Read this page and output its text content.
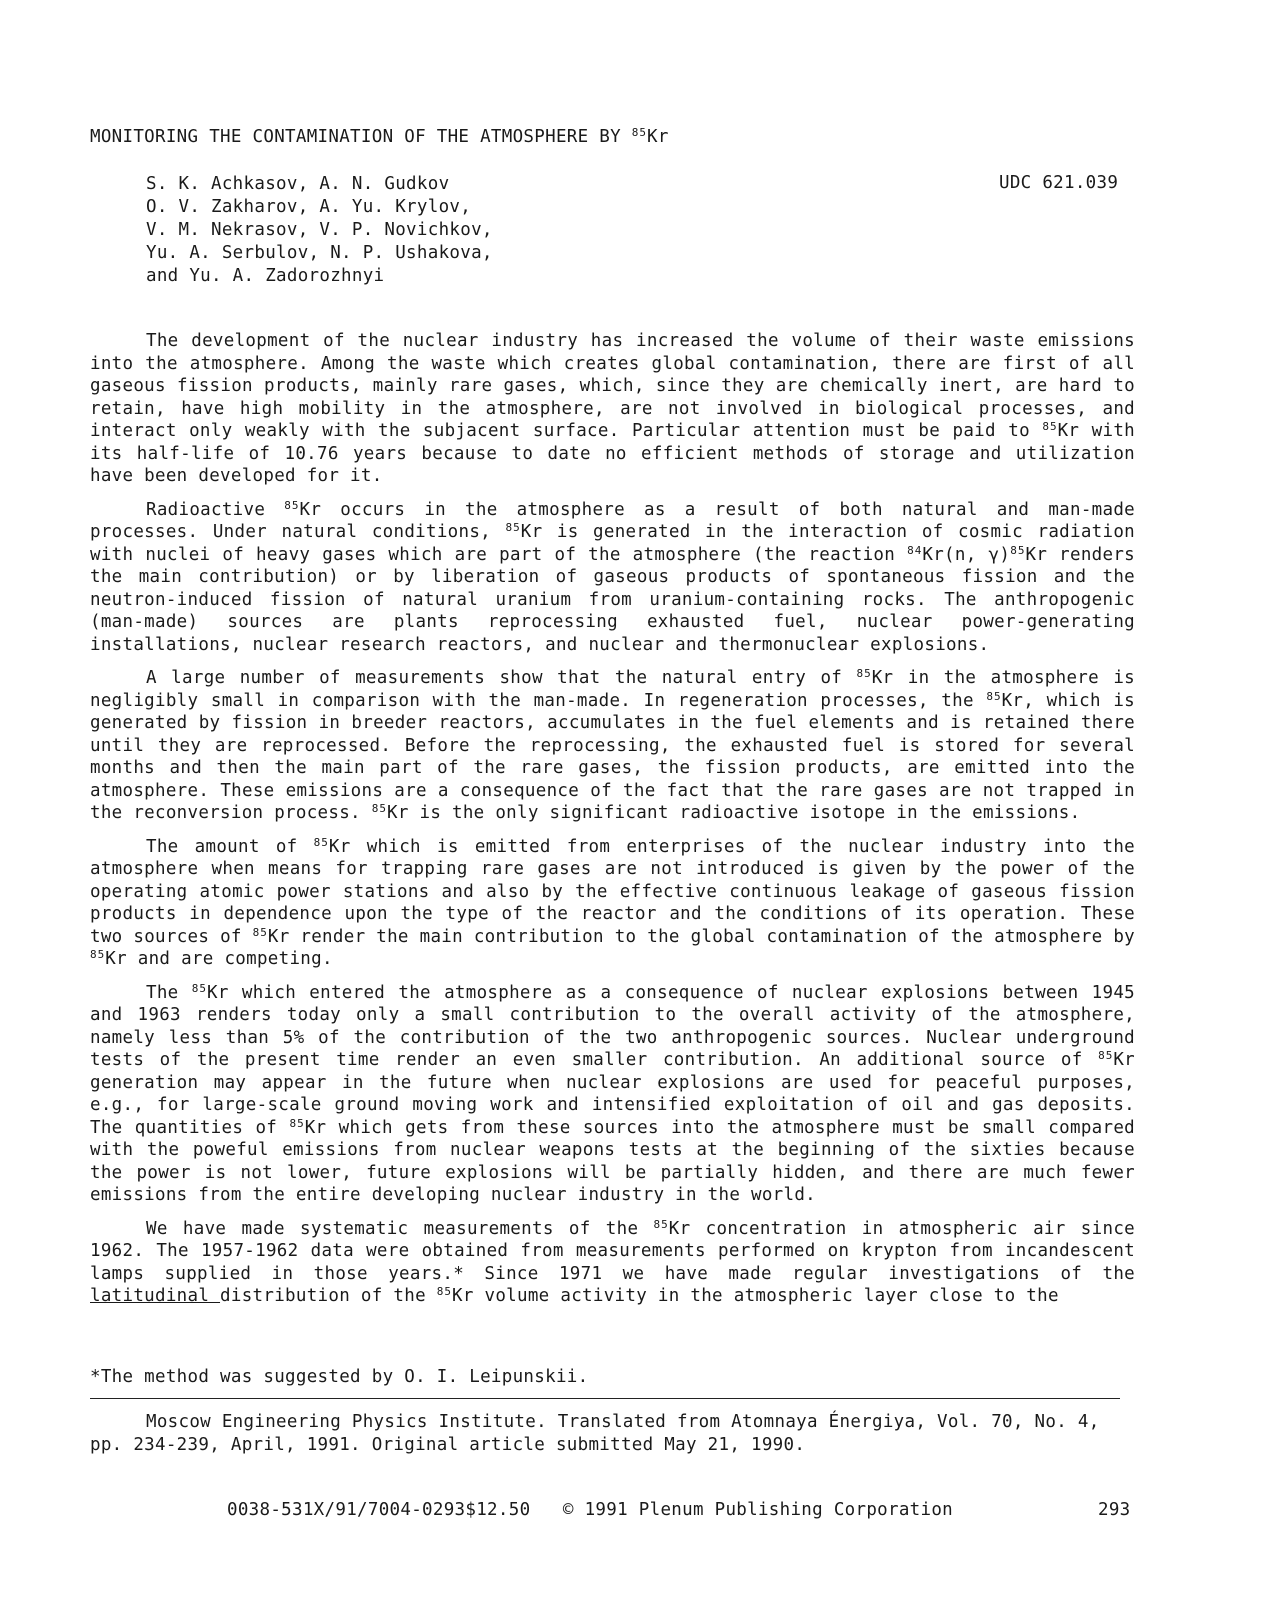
MONITORING THE CONTAMINATION OF THE ATMOSPHERE BY $^{85}$Kr
S. K. Achkasov, A. N. Gudkov
O. V. Zakharov, A. Yu. Krylov,
V. M. Nekrasov, V. P. Novichkov,
Yu. A. Serbulov, N. P. Ushakova,
and Yu. A. Zadorozhnyi
UDC 621.039

The development of the nuclear industry has increased the volume of their waste emissions into the atmosphere. Among the waste which creates global contamination, there are first of all gaseous fission products, mainly rare gases, which, since they are chemically inert, are hard to retain, have high mobility in the atmosphere, are not involved in biological processes, and interact only weakly with the subjacent surface. Particular attention must be paid to $^{85}$Kr with its half-life of 10.76 years because to date no efficient methods of storage and utilization have been developed for it.

Radioactive $^{85}$Kr occurs in the atmosphere as a result of both natural and man-made processes. Under natural conditions, $^{85}$Kr is generated in the interaction of cosmic radiation with nuclei of heavy gases which are part of the atmosphere (the reaction $^{84}$Kr(n, γ)$^{85}$Kr renders the main contribution) or by liberation of gaseous products of spontaneous fission and the neutron-induced fission of natural uranium from uranium-containing rocks. The anthropogenic (man-made) sources are plants reprocessing exhausted fuel, nuclear power-generating installations, nuclear research reactors, and nuclear and thermonuclear explosions.

A large number of measurements show that the natural entry of $^{85}$Kr in the atmosphere is negligibly small in comparison with the man-made. In regeneration processes, the $^{85}$Kr, which is generated by fission in breeder reactors, accumulates in the fuel elements and is retained there until they are reprocessed. Before the reprocessing, the exhausted fuel is stored for several months and then the main part of the rare gases, the fission products, are emitted into the atmosphere. These emissions are a consequence of the fact that the rare gases are not trapped in the reconversion process. $^{85}$Kr is the only significant radioactive isotope in the emissions.

The amount of $^{85}$Kr which is emitted from enterprises of the nuclear industry into the atmosphere when means for trapping rare gases are not introduced is given by the power of the operating atomic power stations and also by the effective continuous leakage of gaseous fission products in dependence upon the type of the reactor and the conditions of its operation. These two sources of $^{85}$Kr render the main contribution to the global contamination of the atmosphere by $^{85}$Kr and are competing.

The $^{85}$Kr which entered the atmosphere as a consequence of nuclear explosions between 1945 and 1963 renders today only a small contribution to the overall activity of the atmosphere, namely less than 5% of the contribution of the two anthropogenic sources. Nuclear underground tests of the present time render an even smaller contribution. An additional source of $^{85}$Kr generation may appear in the future when nuclear explosions are used for peaceful purposes, e.g., for large-scale ground moving work and intensified exploitation of oil and gas deposits. The quantities of $^{85}$Kr which gets from these sources into the atmosphere must be small compared with the poweful emissions from nuclear weapons tests at the beginning of the sixties because the power is not lower, future explosions will be partially hidden, and there are much fewer emissions from the entire developing nuclear industry in the world.

We have made systematic measurements of the $^{85}$Kr concentration in atmospheric air since 1962. The 1957-1962 data were obtained from measurements performed on krypton from incandescent lamps supplied in those years.* Since 1971 we have made regular investigations of the latitudinal distribution of the $^{85}$Kr volume activity in the atmospheric layer close to the

*The method was suggested by O. I. Leipunskii.

Moscow Engineering Physics Institute. Translated from Atomnaya Énergiya, Vol. 70, No. 4, pp. 234-239, April, 1991. Original article submitted May 21, 1990.

0038-531X/91/7004-0293$12.50 © 1991 Plenum Publishing Corporation	293
